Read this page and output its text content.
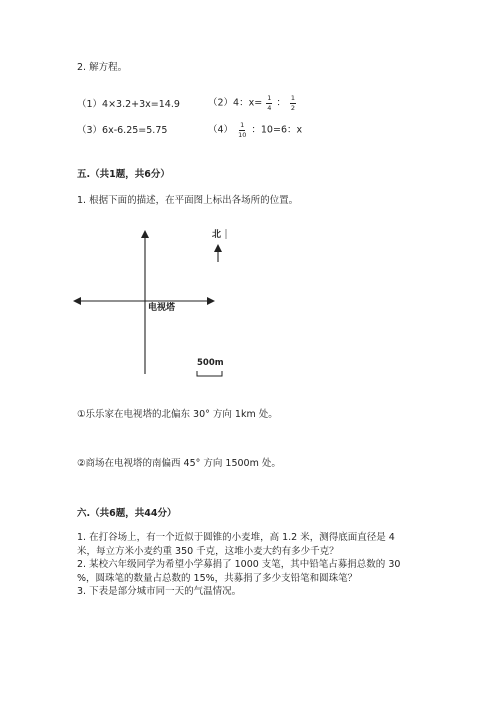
2. 解方程。
（1）4×3.2+3x=14.9	（2）4：$x= \frac{1}{4}$ ： $\frac{1}{2}$
（3）6x-6.25=5.75	$(4) \frac{1}{10}$ ：10=6：x
五.（共1题，共6分）
1. 根据下面的描述，在平面图上标出各场所的位置。
北
电视塔
500m
①乐乐家在电视塔的北偏东 30° 方向 1km 处。
②商场在电视塔的南偏西 45° 方向 1500m 处。
六.（共6题，共44分）
1. 在打谷场上，有一个近似于圆锥的小麦堆，高 1.2 米，测得底面直径是 4
米，每立方米小麦约重 350 千克，这堆小麦大约有多少千克？
2. 某校六年级同学为希望小学募捐了 1000 支笔，其中铅笔占募捐总数的 30
%，圆珠笔的数量占总数的 15%，共募捐了多少支铅笔和圆珠笔？
3. 下表是部分城市同一天的气温情况。
